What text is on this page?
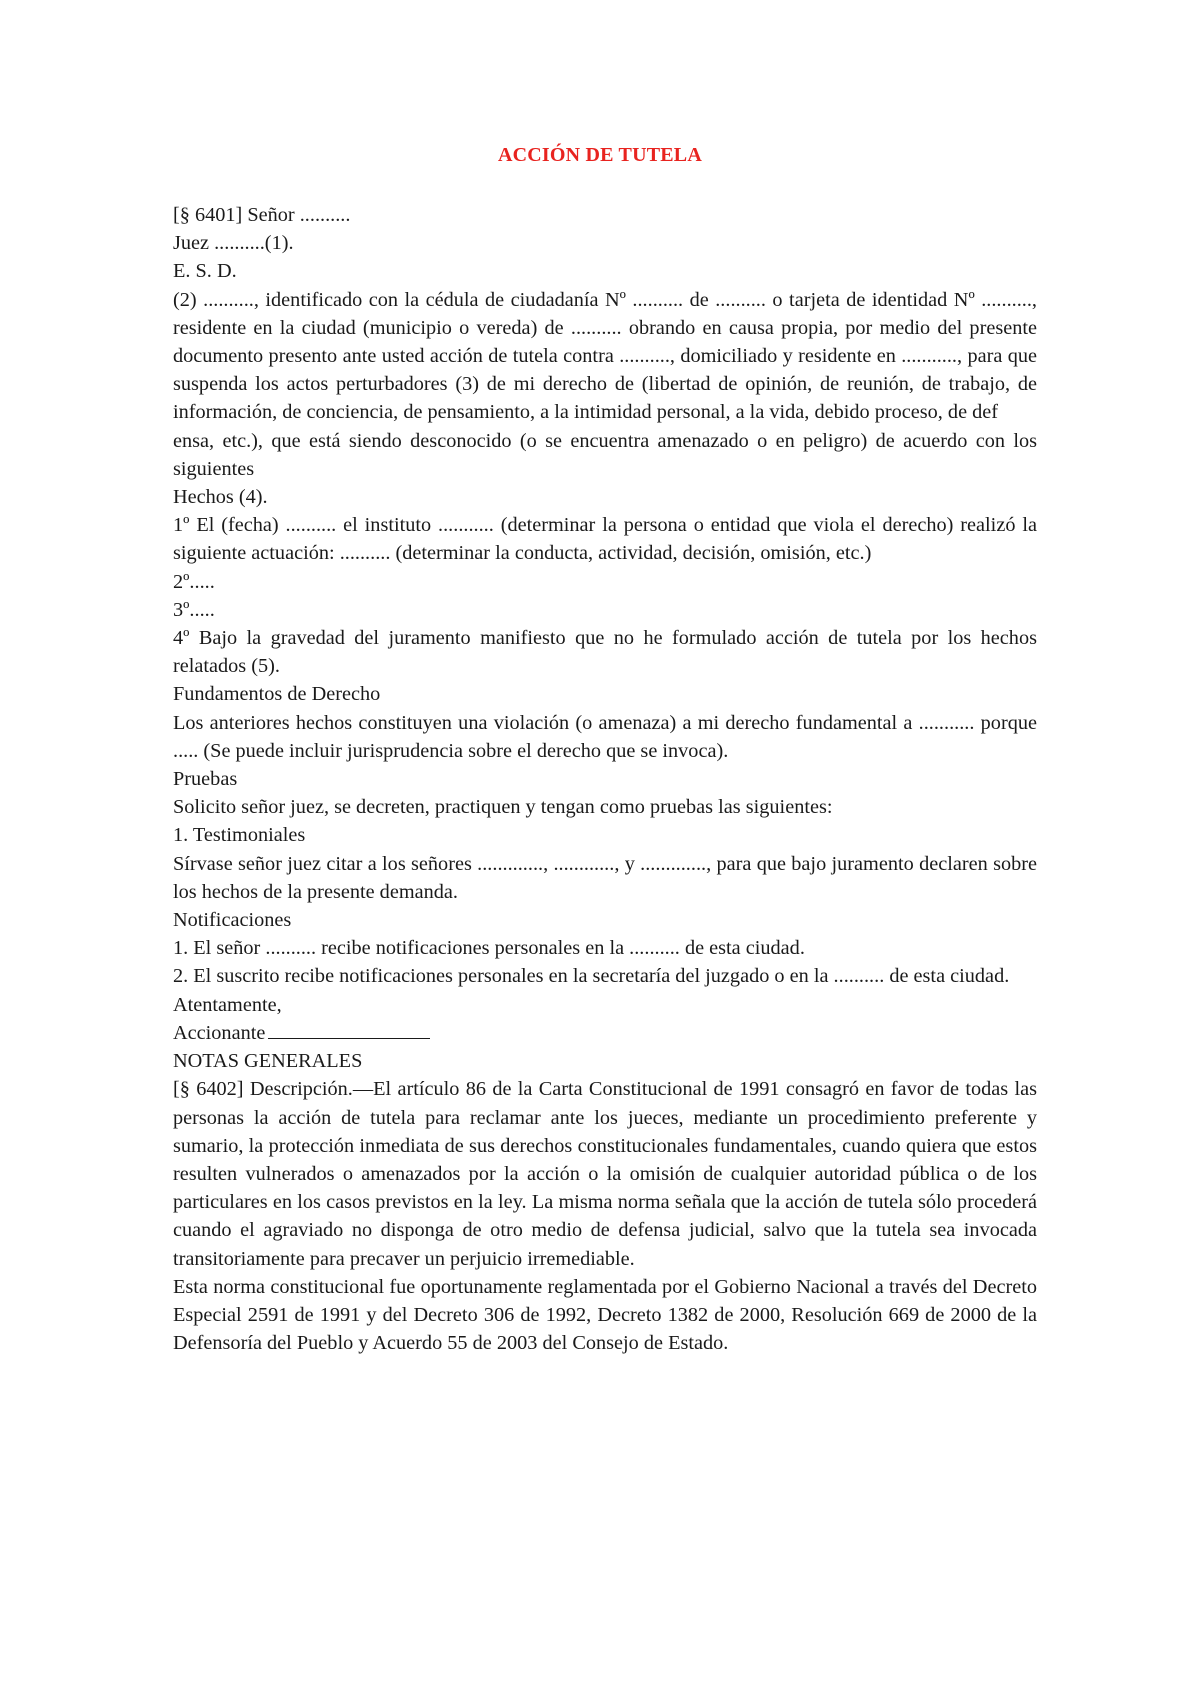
ACCIÓN DE TUTELA

[§ 6401] Señor ..........

Juez ..........(1).

E. S. D.

(2) .........., identificado con la cédula de ciudadanía Nº .......... de .......... o tarjeta de identidad Nº .........., residente en la ciudad (municipio o vereda) de .......... obrando en causa propia, por medio del presente documento presento ante usted acción de tutela contra .........., domiciliado y residente en ..........., para que suspenda los actos perturbadores (3) de mi derecho de (libertad de opinión, de reunión, de trabajo, de información, de conciencia, de pensamiento, a la intimidad personal, a la vida, debido proceso, de def

ensa, etc.), que está siendo desconocido (o se encuentra amenazado o en peligro) de acuerdo con los siguientes

Hechos (4).

1º El (fecha) .......... el instituto ........... (determinar la persona o entidad que viola el derecho) realizó la siguiente actuación: .......... (determinar la conducta, actividad, decisión, omisión, etc.)

2º.....

3º.....

4º Bajo la gravedad del juramento manifiesto que no he formulado acción de tutela por los hechos relatados (5).

Fundamentos de Derecho

Los anteriores hechos constituyen una violación (o amenaza) a mi derecho fundamental a ........... porque ..... (Se puede incluir jurisprudencia sobre el derecho que se invoca).

Pruebas

Solicito señor juez, se decreten, practiquen y tengan como pruebas las siguientes:

1. Testimoniales

Sírvase señor juez citar a los señores ............., ............, y ............., para que bajo juramento declaren sobre los hechos de la presente demanda.

Notificaciones

1. El señor .......... recibe notificaciones personales en la .......... de esta ciudad.

2. El suscrito recibe notificaciones personales en la secretaría del juzgado o en la .......... de esta ciudad.

Atentamente,

Accionante

NOTAS GENERALES

[§ 6402] Descripción.—El artículo 86 de la Carta Constitucional de 1991 consagró en favor de todas las personas la acción de tutela para reclamar ante los jueces, mediante un procedimiento preferente y sumario, la protección inmediata de sus derechos constitucionales fundamentales, cuando quiera que estos resulten vulnerados o amenazados por la acción o la omisión de cualquier autoridad pública o de los particulares en los casos previstos en la ley. La misma norma señala que la acción de tutela sólo procederá cuando el agraviado no disponga de otro medio de defensa judicial, salvo que la tutela sea invocada transitoriamente para precaver un perjuicio irremediable.

Esta norma constitucional fue oportunamente reglamentada por el Gobierno Nacional a través del Decreto Especial 2591 de 1991 y del Decreto 306 de 1992, Decreto 1382 de 2000, Resolución 669 de 2000 de la Defensoría del Pueblo y Acuerdo 55 de 2003 del Consejo de Estado.
